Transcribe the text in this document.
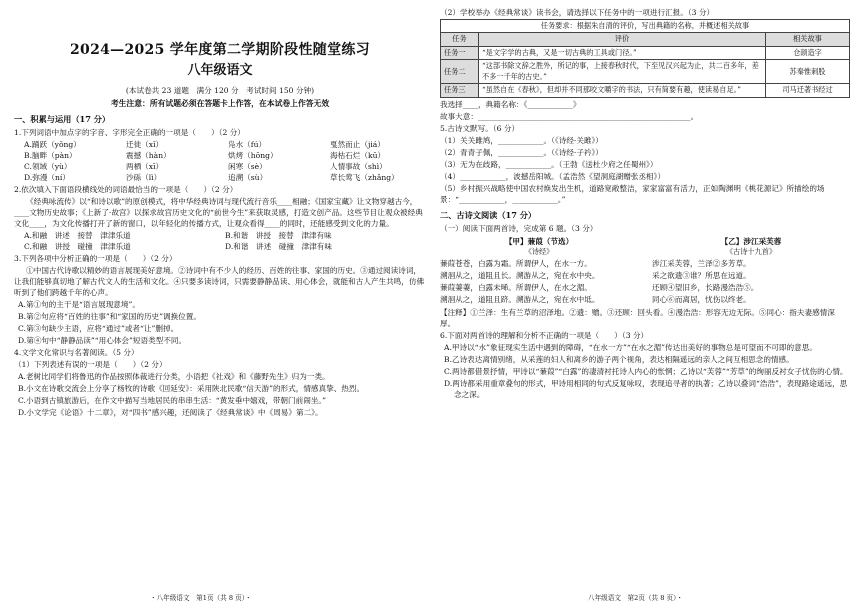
2024—2025 学年度第二学期阶段性随堂练习
八年级语文
(本试卷共 23 道题　满分 120 分　考试时间 150 分钟)
考生注意：所有试题必须在答题卡上作答，在本试卷上作答无效
一、积累与运用（17 分）

1.下列词语中加点字的字音、字形完全正确的一项是（　　）（2 分）

A.踊跃（yǒng）	迁徙（xǐ）	凫水（fú）	戛然而止（jiá）
B.脑畔（pàn）	震撼（hàn）	烘烤（hōng）	海枯石烂（kū）
C.领域（yù）	两栖（xī）	闲寒（sè）	人情事故（shì）
D.弥漫（ní）	沙砾（lì）	追溯（sù）	草长莺飞（zhǎng）

2.依次填入下面语段横线处的词语最恰当的一项是（　　）（2 分）

《经典咏流传》以“和诗以歌”的原创模式，将中华经典诗词与现代流行音乐____相融；《国家宝藏》让文物穿越古今，____文物历史故事；《上新了·故宫》以探求故宫历史文化的“前世今生”来获取灵感，打造文创产品。这些节目让观众被经典文化____，为文化传播打开了新的窗口，以年轻化的传播方式，让观众看得____的同时，还能感受到文化的力量。

A.和融　讲述　接替　津津乐道	B.和谐　讲授　接替　津津有味
C.和融　讲授　碰撞　津津乐道	D.和谐　讲述　碰撞　津津有味

3.下列各项中分析正确的一项是（　　）（2 分）

①中国古代诗歌以精妙的语言展现美好意境。②诗词中有不少人的经历、百姓的往事、家国的历史。③通过阅读诗词，让我们能够真切地了解古代文人的生活和文化。④只要多读诗词，只需要静静品读、用心体会，就能和古人产生共鸣，仿佛听到了他们跨越千年的心声。

A.第①句的主干是“语言展现意境”。

B.第②句应将“百姓的往事”和“家国的历史”调换位置。

C.第③句缺少主语，应将“通过”或者“让”删掉。

D.第④句中“静静品读”“用心体会”短语类型不同。

4.文学文化常识与名著阅读。（5 分）

（1）下列表述有误的一项是（　　）（2 分）

A.老树比同学们将鲁迅的作品按照体裁进行分类，小语把《社戏》和《藤野先生》归为一类。

B.小文在诗歌交流会上分享了杨牧的诗歌《回延安》：采用陕北民歌“信天游”的形式，情感真挚、热烈。

C.小语到古镇旅游后，在作文中描写当地居民的串串生活：“黄发垂中嬉戏，带朝门前闹坐。”

D.小文学完《论语》十二章》，对“四书”感兴趣，还阅读了《经典常谈》中《周易》第二》。

・八年级语文　第1页（共 8 页）・

（2）学校举办《经典常谈》读书会，请选择以下任务中的一项进行汇报。（3 分）

任务要求：根据朱自清的评价，写出典籍的名称，并概述相关故事		
任务	评价	相关故事
任务一	“是文字学的古典，又是一切古典的工具或门径。”	仓颉造字
任务二	“这部书除文辞之胜外，所记的事，上接春秋时代，下至见汉兴起为止，共二百多年，差不多一千年的古史。”	苏秦惟刺股
任务三	“虽然自在《春秋》，但却并不同那咬文嚼字的书法，只有简要有趣，使读易自足。”	司马迁著书经过

我选择____，典籍名称：《____________》

故事大意：________________________________________________________。

5.古诗文默写。（6 分）

（1）关关雎鸠，____________。（《诗经·关雎》）

（2）青青子佩，____________。（《诗经·子衿》）

（3）无为在歧路，____________。（王勃《送杜少府之任蜀州》）

（4）____________，波撼岳阳城。（孟浩然《望洞庭湖赠张丞相》）

（5）乡村振兴战略使中国农村焕发出生机，道路宽敞整洁，家家富富有活力，正如陶渊明《桃花源记》所描绘的场景：“____________，____________。”

二、古诗文阅读（17 分）

（一）阅读下面两首诗，完成第 6 题。（3 分）

【甲】蒹葭（节选）
《诗经》

蒹葭苍苍，白露为霜。所谓伊人，在水一方。

溯洄从之，道阻且长。溯游从之，宛在水中央。

蒹葭萋萋，白露未晞。所谓伊人，在水之湄。

溯洄从之，道阻且跻。溯游从之，宛在水中坻。

【乙】涉江采芙蓉
《古诗十九首》

涉江采芙蓉，兰泽②多芳草。

采之欲遗③谁？所思在远道。

还顾④望旧乡，长路漫浩浩⑤。

同心⑥而离居，忧伤以终老。

【注释】①兰泽：生有兰草的沼泽地。②遗：赠。③还顾：回头看。④漫浩浩：形容无边无际。⑤同心：指夫妻感情深厚。

6.下面对两首诗的理解和分析不正确的一项是（　　）（3 分）

A.甲诗以“水”象征现实生活中遇到的障碍，“在水一方”“在水之湄”传达出美好的事物总是可望而不可即的意思。

B.乙诗表达离情别绪，从采莲的妇人和离乡的游子两个视角，表达相隔遥远的亲人之间互相思念的情感。

C.两诗都借景抒情，甲诗以“蒹葭”“白露”的凄清衬托诗人内心的怅惘；乙诗以“芙蓉”“芳草”的绚丽反衬女子忧伤的心情。

D.两诗都采用重章叠句的形式，甲诗用相同的句式反复咏叹，表现追寻者的执著；乙诗以叠词“浩浩”，表现路途遥远，思念之深。

八年级语文　第2页（共 8 页）・
